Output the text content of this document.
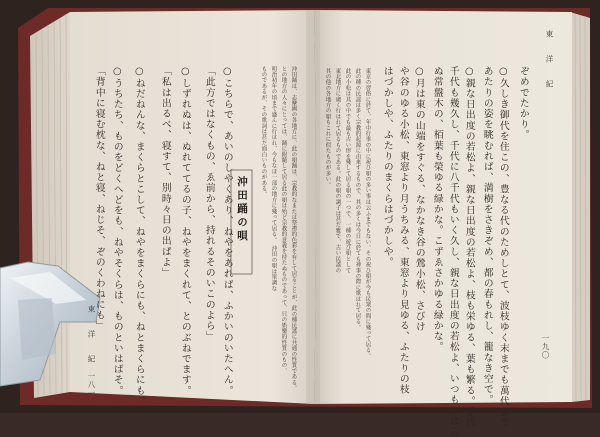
東　洋　紀
一八一
「背中に寝む枕な、ねと寝、ねじそ、ぞのくわねにも」 ○うちたち、ものをどくへどをも、ねやそくらは、ものといはばそ。 ○ねだねんな、まくらとこして、ねやをまくらにも、ねとまくらにも、 「私は出るべ、寝すて、別時々日の出ぱよ」 ○しずれぬは、ぬれててるの子、ねやをまくれて、とのぶねでます。 「此方ではなくもの、ゑ前から、持れるそのいこのよら」 ○こちらで、あいのしやくあり、ねやをあれば、ふかいのいたへん。 沖田踊の唄
ものであるが、その歌詞は甚だ面白いものがある。 明治初年の頃まで盛んに行はれ、今もなほ一部の地方に殘って居る。　沖田の唄は單調な との地方の人々にとっては、踊に附隨して居る此の唄は殆ど宗教的意義を持たぬものであって、只の娯樂的性質のもの、 沖田踊は、志摩國の各地方に、此の唄踊は、宗教的なまたは祭禮的色彩を有して居ることが、此の種民謠に共通の性質である。	其の他の各地方の唄もこれに似たものが多い。 東北地方に廣く行はれて居るものである。此の唄の調子は甚だ雅で、古い民謠の 此の小松は其の中でも最も古い形を殘して居る唄の一つで、一種の遊び唄として 此の種の民謡は多く宗教的起源に由來するもので、其の多くは今日に於ても神事の際に歌はれて居る。 東京の習俗に於て、年中行事の中に祝ひ唄の多い事は云ふまでもない。その祝ひ唄が今も民衆の間に殘って居る。 はづかしや、ふたりのまくらはづかしや。 や谷のゆる小松、東窓より月うちみる、東窓より見ゆる、ふたりの枝 ○月は東の山端をすぐる、なかなき谷の鶯小松、さびけ ぬ常盤木の、栢葉も榮ゆる緑かな。こずゑさかゆる緑かな。 千代も幾久し、千代に八千代もいく久し、親な日出度の若松よ、いつもかはら ○親な日出度の若松よ、親な日出度の若松よ、枝も栄ゆる、葉も繁る。千代 あたりの姿を眺むれば、満樹をさきぞめ、都の春もれし、籠なき空で。 ○久しき御代を住この、豊なる代のためしとて、波枝ゆく末までも萬代まで ぞめでたかり。
東　洋　紀
一九〇
